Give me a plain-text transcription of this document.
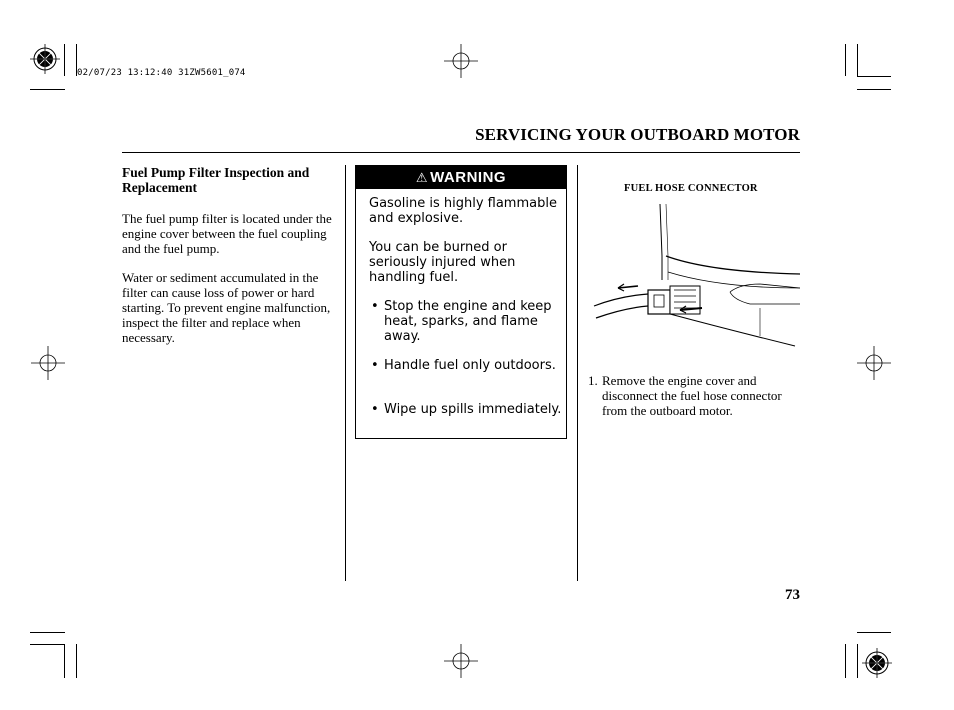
02/07/23 13:12:40 31ZW5601_074
SERVICING YOUR OUTBOARD MOTOR
Fuel Pump Filter Inspection and Replacement
The fuel pump filter is located under the engine cover between the fuel coupling and the fuel pump.
Water or sediment accumulated in the filter can cause loss of power or hard starting. To prevent engine malfunction, inspect the filter and replace when necessary.
⚠ WARNING
Gasoline is highly flammable and explosive.
You can be burned or seriously injured when handling fuel.
• Stop the engine and keep heat, sparks, and flame away.
• Handle fuel only outdoors.
• Wipe up spills immediately.
FUEL HOSE CONNECTOR
1. Remove the engine cover and disconnect the fuel hose connector from the outboard motor.
73
